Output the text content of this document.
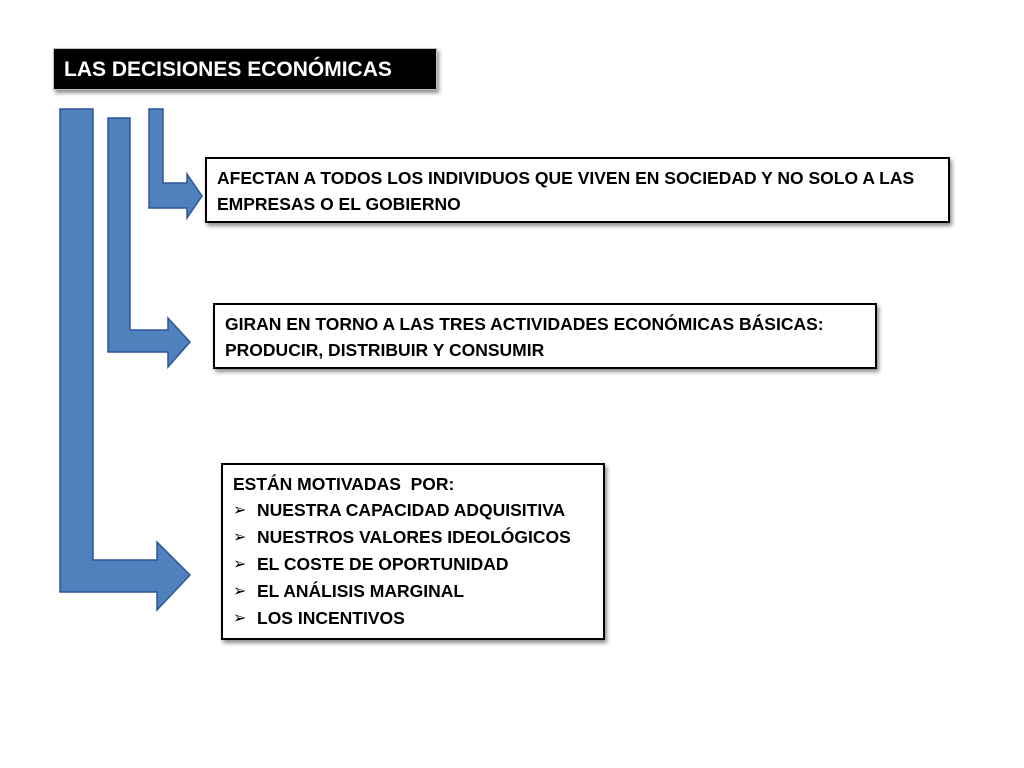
LAS DECISIONES ECONÓMICAS
AFECTAN A TODOS LOS INDIVIDUOS QUE VIVEN EN SOCIEDAD Y NO SOLO A LAS EMPRESAS O EL GOBIERNO
GIRAN EN TORNO A LAS TRES ACTIVIDADES ECONÓMICAS BÁSICAS: PRODUCIR, DISTRIBUIR Y CONSUMIR
ESTÁN MOTIVADAS  POR:
➢ NUESTRA CAPACIDAD ADQUISITIVA
➢ NUESTROS VALORES IDEOLÓGICOS
➢ EL COSTE DE OPORTUNIDAD
➢ EL ANÁLISIS MARGINAL
➢ LOS INCENTIVOS
